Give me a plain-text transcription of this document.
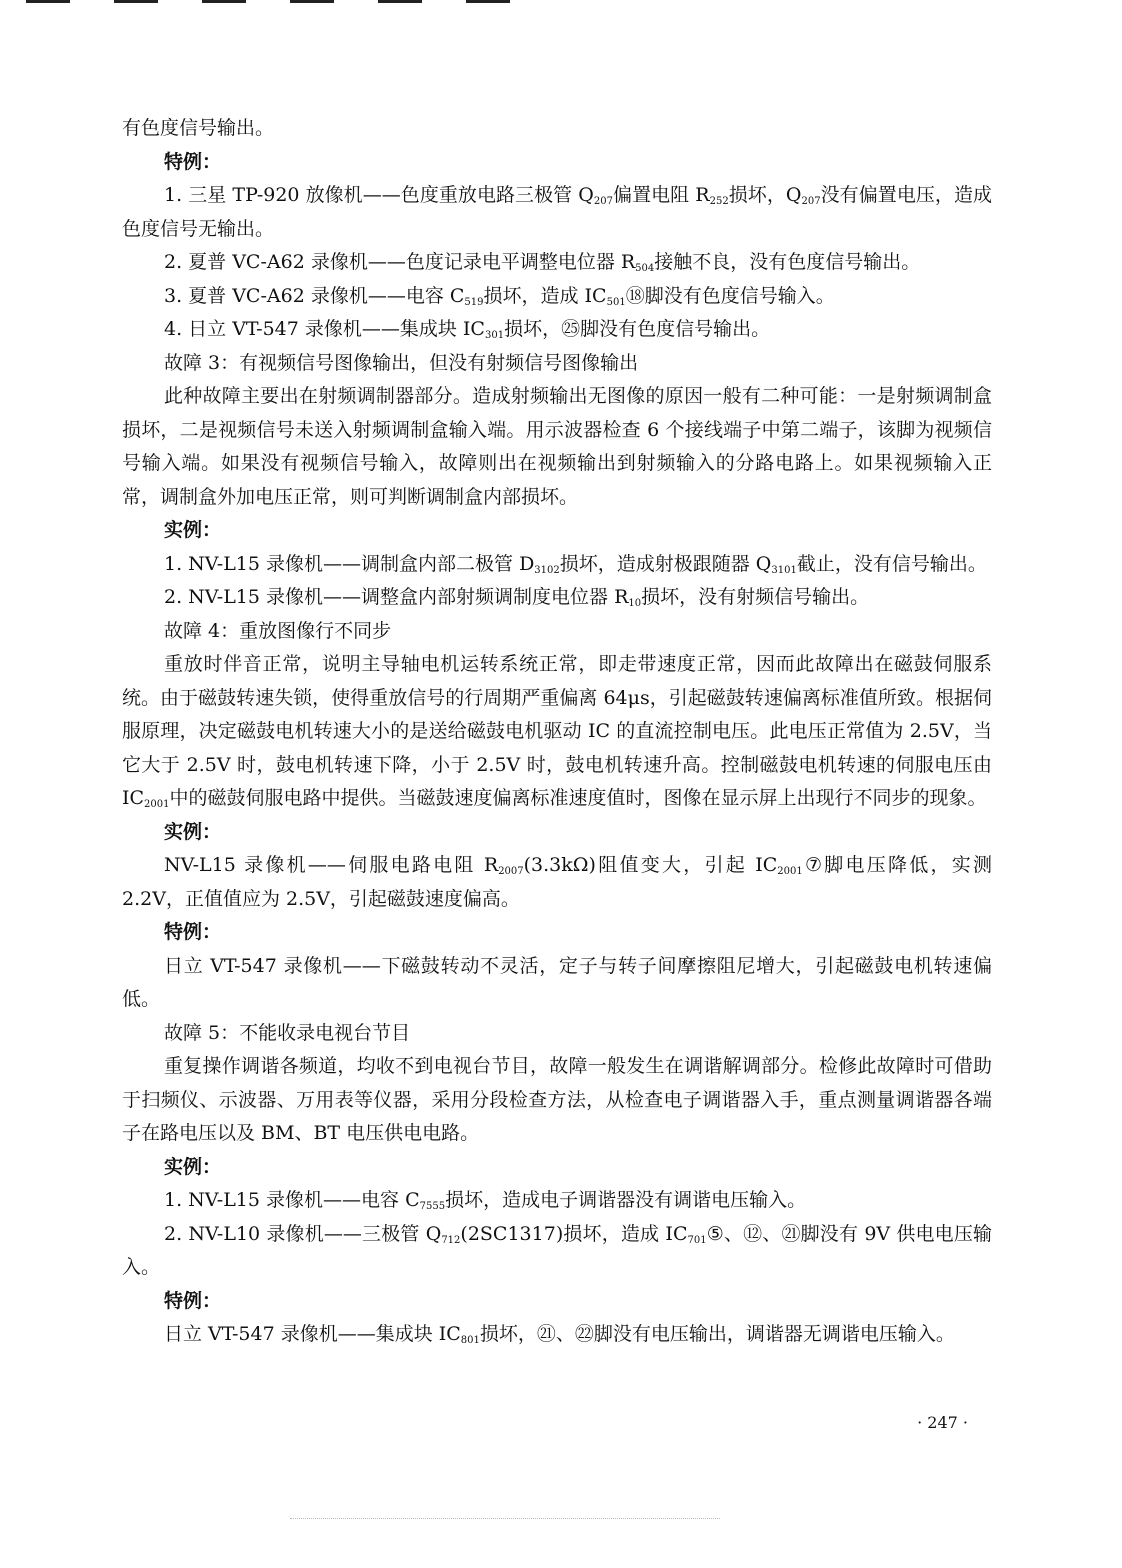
有色度信号输出。

特例：

1. 三星 TP-920 放像机——色度重放电路三极管 $Q_{207}$偏置电阻 $R_{252}$损坏，$Q_{207}$没有偏置电压，造成色度信号无输出。

2. 夏普 VC-A62 录像机——色度记录电平调整电位器 $R_{504}$接触不良，没有色度信号输出。

3. 夏普 VC-A62 录像机——电容 $C_{519}$损坏，造成 $IC_{501}⑱$脚没有色度信号输入。

4. 日立 VT-547 录像机——集成块 $IC_{301}$损坏，㉕脚没有色度信号输出。

故障 3：有视频信号图像输出，但没有射频信号图像输出

此种故障主要出在射频调制器部分。造成射频输出无图像的原因一般有二种可能：一是射频调制盒损坏，二是视频信号未送入射频调制盒输入端。用示波器检查 6 个接线端子中第二端子，该脚为视频信号输入端。如果没有视频信号输入，故障则出在视频输出到射频输入的分路电路上。如果视频输入正常，调制盒外加电压正常，则可判断调制盒内部损坏。

实例：

1. NV-L15 录像机——调制盒内部二极管 $D_{3102}$损坏，造成射极跟随器 $Q_{3101}$截止，没有信号输出。

2. NV-L15 录像机——调整盒内部射频调制度电位器 $R_{10}$损坏，没有射频信号输出。

故障 4：重放图像行不同步

重放时伴音正常，说明主导轴电机运转系统正常，即走带速度正常，因而此故障出在磁鼓伺服系统。由于磁鼓转速失锁，使得重放信号的行周期严重偏离 64μs，引起磁鼓转速偏离标准值所致。根据伺服原理，决定磁鼓电机转速大小的是送给磁鼓电机驱动 IC 的直流控制电压。此电压正常值为 2.5V，当它大于 2.5V 时，鼓电机转速下降，小于 2.5V 时，鼓电机转速升高。控制磁鼓电机转速的伺服电压由 $IC_{2001}$中的磁鼓伺服电路中提供。当磁鼓速度偏离标准速度值时，图像在显示屏上出现行不同步的现象。

实例：

NV-L15 录像机——伺服电路电阻 $R_{2007}(3.3k\Omega)$阻值变大，引起 $IC_{2001}⑦$脚电压降低，实测 2.2V，正值值应为 2.5V，引起磁鼓速度偏高。

特例：

日立 VT-547 录像机——下磁鼓转动不灵活，定子与转子间摩擦阻尼增大，引起磁鼓电机转速偏低。

故障 5：不能收录电视台节目

重复操作调谐各频道，均收不到电视台节目，故障一般发生在调谐解调部分。检修此故障时可借助于扫频仪、示波器、万用表等仪器，采用分段检查方法，从检查电子调谐器入手，重点测量调谐器各端子在路电压以及 BM、BT 电压供电电路。

实例：

1. NV-L15 录像机——电容 $C_{7555}$损坏，造成电子调谐器没有调谐电压输入。

2. NV-L10 录像机——三极管 $Q_{712}(2SC1317)$损坏，造成 $IC_{701}⑤$、⑫、㉑脚没有 9V 供电电压输入。

特例：

日立 VT-547 录像机——集成块 $IC_{801}$损坏，㉑、㉒脚没有电压输出，调谐器无调谐电压输入。

· 247 ·
